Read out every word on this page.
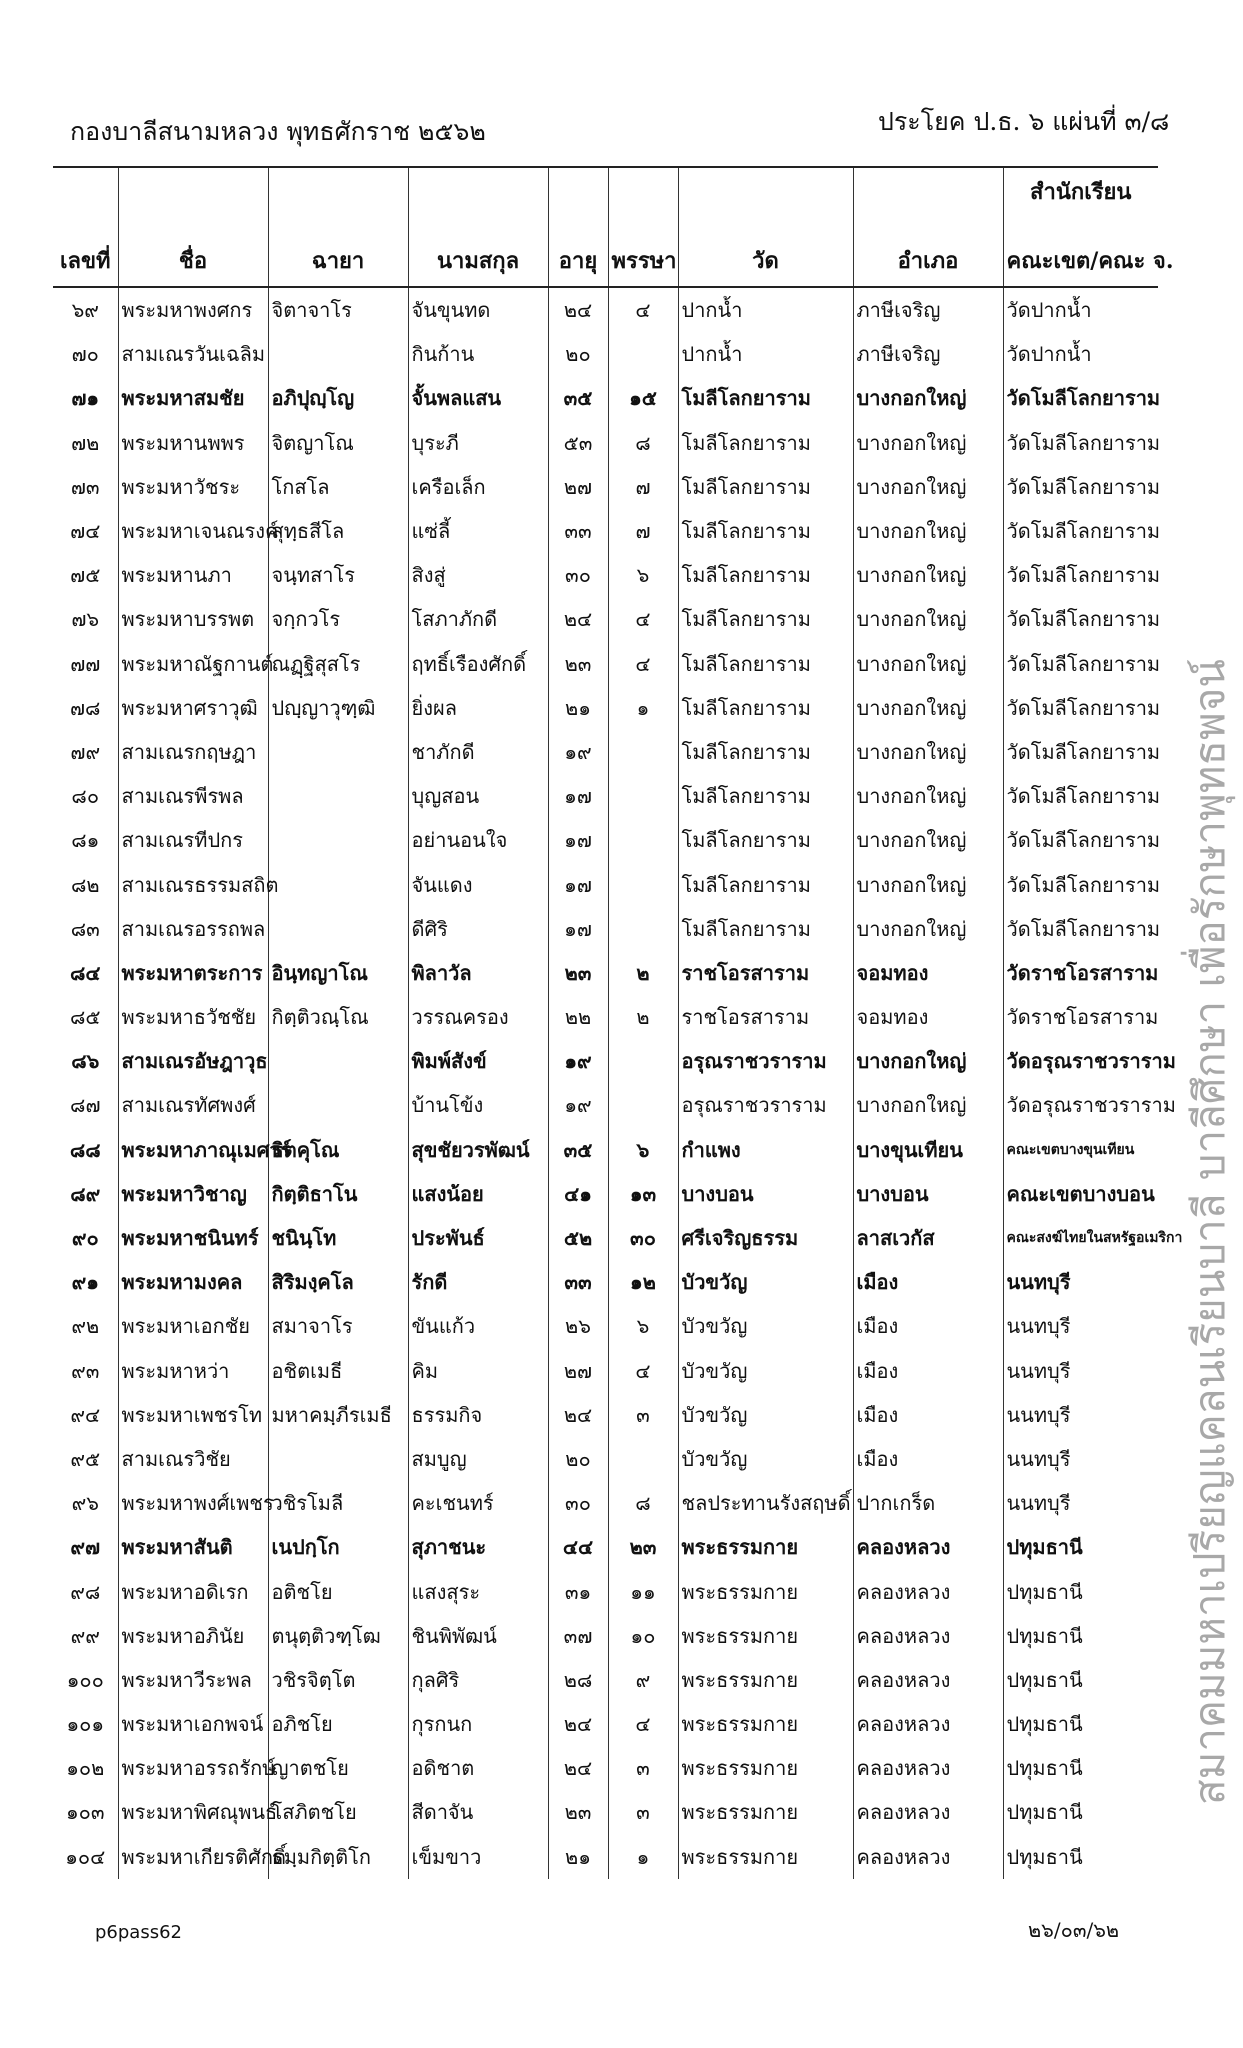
กองบาลีสนามหลวง พุทธศักราช ๒๕๖๒	ประโยค ป.ธ. ๖ แผ่นที่ ๓/๘
เลขที่	ชื่อ	ฉายา	นามสกุล	อายุ	พรรษา	วัด	อำเภอ	สำนักเรียน
คณะเขต/คณะ จ.

๖๙	พระมหาพงศกร	จิตาจาโร	จันขุนทด	๒๔	๔	ปากน้ำ	ภาษีเจริญ	วัดปากน้ำ
๗๐	สามเณรวันเฉลิม		กินก้าน	๒๐		ปากน้ำ	ภาษีเจริญ	วัดปากน้ำ
๗๑	พระมหาสมชัย	อภิปุญฺโญ	จั้นพลแสน	๓๕	๑๕	โมลีโลกยาราม	บางกอกใหญ่	วัดโมลีโลกยาราม
๗๒	พระมหานพพร	จิตญาโณ	บุระภี	๕๓	๘	โมลีโลกยาราม	บางกอกใหญ่	วัดโมลีโลกยาราม
๗๓	พระมหาวัชระ	โกสโล	เครือเล็ก	๒๗	๗	โมลีโลกยาราม	บางกอกใหญ่	วัดโมลีโลกยาราม
๗๔	พระมหาเจนณรงค์	สุทฺธสีโล	แซ่ลี้	๓๓	๗	โมลีโลกยาราม	บางกอกใหญ่	วัดโมลีโลกยาราม
๗๕	พระมหานภา	จนฺทสาโร	สิงสู่	๓๐	๖	โมลีโลกยาราม	บางกอกใหญ่	วัดโมลีโลกยาราม
๗๖	พระมหาบรรพต	จกฺกวโร	โสภาภักดี	๒๔	๔	โมลีโลกยาราม	บางกอกใหญ่	วัดโมลีโลกยาราม
๗๗	พระมหาณัฐกานต์	ณฏฺฐิสุสโร	ฤทธิ์เรืองศักดิ์	๒๓	๔	โมลีโลกยาราม	บางกอกใหญ่	วัดโมลีโลกยาราม
๗๘	พระมหาศราวุฒิ	ปญฺญาวุฑฺฒิ	ยิ่งผล	๒๑	๑	โมลีโลกยาราม	บางกอกใหญ่	วัดโมลีโลกยาราม
๗๙	สามเณรกฤษฎา		ชาภักดี	๑๙		โมลีโลกยาราม	บางกอกใหญ่	วัดโมลีโลกยาราม
๘๐	สามเณรพีรพล		บุญสอน	๑๗		โมลีโลกยาราม	บางกอกใหญ่	วัดโมลีโลกยาราม
๘๑	สามเณรทีปกร		อย่านอนใจ	๑๗		โมลีโลกยาราม	บางกอกใหญ่	วัดโมลีโลกยาราม
๘๒	สามเณรธรรมสถิต		จันแดง	๑๗		โมลีโลกยาราม	บางกอกใหญ่	วัดโมลีโลกยาราม
๘๓	สามเณรอรรถพล		ดีศิริ	๑๗		โมลีโลกยาราม	บางกอกใหญ่	วัดโมลีโลกยาราม
๘๔	พระมหาตระการ	อินฺทญาโณ	พิลาวัล	๒๓	๒	ราชโอรสาราม	จอมทอง	วัดราชโอรสาราม
๘๕	พระมหาธวัชชัย	กิตฺติวณฺโณ	วรรณครอง	๒๒	๒	ราชโอรสาราม	จอมทอง	วัดราชโอรสาราม
๘๖	สามเณรอัษฎาวุธ		พิมพ์สังข์	๑๙		อรุณราชวราราม	บางกอกใหญ่	วัดอรุณราชวราราม
๘๗	สามเณรทัศพงศ์		บ้านโข้ง	๑๙		อรุณราชวราราม	บางกอกใหญ่	วัดอรุณราชวราราม
๘๘	พระมหาภาณุเมศวร์	ธิตคุโณ	สุขชัยวรพัฒน์	๓๕	๖	กำแพง	บางขุนเทียน	คณะเขตบางขุนเทียน
๘๙	พระมหาวิชาญ	กิตฺติธาโน	แสงน้อย	๔๑	๑๓	บางบอน	บางบอน	คณะเขตบางบอน
๙๐	พระมหาชนินทร์	ชนินฺโท	ประพันธ์	๕๒	๓๐	ศรีเจริญธรรม	ลาสเวกัส	คณะสงฆ์ไทยในสหรัฐอเมริกา
๙๑	พระมหามงคล	สิริมงฺคโล	รักดี	๓๓	๑๒	บัวขวัญ	เมือง	นนทบุรี
๙๒	พระมหาเอกชัย	สมาจาโร	ขันแก้ว	๒๖	๖	บัวขวัญ	เมือง	นนทบุรี
๙๓	พระมหาหว่า	อชิตเมธี	คิม	๒๗	๔	บัวขวัญ	เมือง	นนทบุรี
๙๔	พระมหาเพชรโท	มหาคมฺภีรเมธี	ธรรมกิจ	๒๔	๓	บัวขวัญ	เมือง	นนทบุรี
๙๕	สามเณรวิชัย		สมบูญ	๒๐		บัวขวัญ	เมือง	นนทบุรี
๙๖	พระมหาพงศ์เพชร	วชิรโมลี	คะเชนทร์	๓๐	๘	ชลประทานรังสฤษดิ์	ปากเกร็ด	นนทบุรี
๙๗	พระมหาสันติ	เนปกฺโก	สุภาชนะ	๔๔	๒๓	พระธรรมกาย	คลองหลวง	ปทุมธานี
๙๘	พระมหาอดิเรก	อติชโย	แสงสุระ	๓๑	๑๑	พระธรรมกาย	คลองหลวง	ปทุมธานี
๙๙	พระมหาอภินัย	ตนุตฺติวฑฺโฒ	ชินพิพัฒน์	๓๗	๑๐	พระธรรมกาย	คลองหลวง	ปทุมธานี
๑๐๐	พระมหาวีระพล	วชิรจิตฺโต	กุลศิริ	๒๘	๙	พระธรรมกาย	คลองหลวง	ปทุมธานี
๑๐๑	พระมหาเอกพจน์	อภิชโย	กุรกนก	๒๔	๔	พระธรรมกาย	คลองหลวง	ปทุมธานี
๑๐๒	พระมหาอรรถรักษ์	ญาตชโย	อดิชาต	๒๔	๓	พระธรรมกาย	คลองหลวง	ปทุมธานี
๑๐๓	พระมหาพิศณุพนธ์	โสภิตชโย	สีดาจัน	๒๓	๓	พระธรรมกาย	คลองหลวง	ปทุมธานี
๑๐๔	พระมหาเกียรติศักดิ์	ธมฺมกิตฺติโก	เข็มขาว	๒๑	๑	พระธรรมกาย	คลองหลวง	ปทุมธานี
p6pass62	๒๖/๐๓/๖๒
สมาคมมหาเปรียญแคลนเรียนบาลี บาลีศึกษา เพื่อรักษาพุทธพจน์
